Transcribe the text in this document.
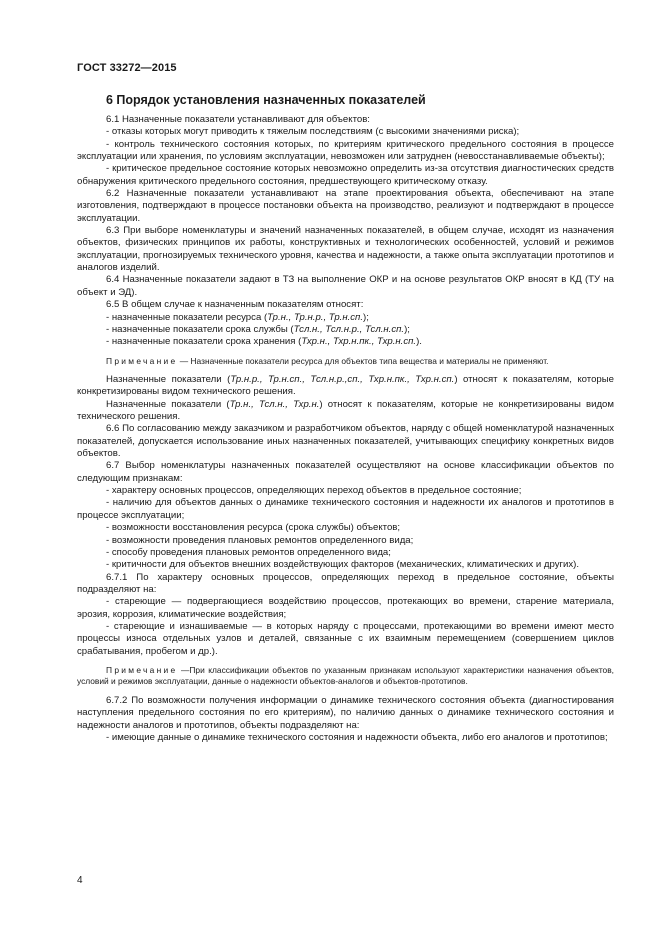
ГОСТ 33272—2015
6 Порядок установления назначенных показателей

6.1 Назначенные показатели устанавливают для объектов:

- отказы которых могут приводить к тяжелым последствиям (с высокими значениями риска);

- контроль технического состояния которых, по критериям критического предельного состояния в процессе эксплуатации или хранения, по условиям эксплуатации, невозможен или затруднен (невосстанавливаемые объекты);

- критическое предельное состояние которых невозможно определить из-за отсутствия диагностических средств обнаружения критического предельного состояния, предшествующего критическому отказу.

6.2 Назначенные показатели устанавливают на этапе проектирования объекта, обеспечивают на этапе изготовления, подтверждают в процессе постановки объекта на производство, реализуют и подтверждают в процессе эксплуатации.

6.3 При выборе номенклатуры и значений назначенных показателей, в общем случае, исходят из назначения объектов, физических принципов их работы, конструктивных и технологических особенностей, условий и режимов эксплуатации, прогнозируемых технического уровня, качества и надежности, а также опыта эксплуатации прототипов и аналогов изделий.

6.4 Назначенные показатели задают в ТЗ на выполнение ОКР и на основе результатов ОКР вносят в КД (ТУ на объект и ЭД).

6.5 В общем случае к назначенным показателям относят:

- назначенные показатели ресурса (Тр.н., Тр.н.р., Тр.н.сп.);

- назначенные показатели срока службы (Тсл.н., Тсл.н.р., Тсл.н.сп.);

- назначенные показатели срока хранения (Тхр.н., Тхр.н.пк., Тхр.н.сп.).

Примечание — Назначенные показатели ресурса для объектов типа вещества и материалы не применяют.

Назначенные показатели (Тр.н.р., Тр.н.сп., Тсл.н.р.,сп., Тхр.н.пк., Тхр.н.сп.) относят к показателям, которые конкретизированы видом технического решения.

Назначенные показатели (Тр.н., Тсл.н., Тхр.н.) относят к показателям, которые не конкретизированы видом технического решения.

6.6 По согласованию между заказчиком и разработчиком объектов, наряду с общей номенклатурой назначенных показателей, допускается использование иных назначенных показателей, учитывающих специфику конкретных видов объектов.

6.7 Выбор номенклатуры назначенных показателей осуществляют на основе классификации объектов по следующим признакам:

- характеру основных процессов, определяющих переход объектов в предельное состояние;

- наличию для объектов данных о динамике технического состояния и надежности их аналогов и прототипов в процессе эксплуатации;

- возможности восстановления ресурса (срока службы) объектов;

- возможности проведения плановых ремонтов определенного вида;

- способу проведения плановых ремонтов определенного вида;

- критичности для объектов внешних воздействующих факторов (механических, климатических и других).

6.7.1 По характеру основных процессов, определяющих переход в предельное состояние, объекты подразделяют на:

- стареющие — подвергающиеся воздействию процессов, протекающих во времени, старение материала, эрозия, коррозия, климатические воздействия;

- стареющие и изнашиваемые — в которых наряду с процессами, протекающими во времени имеют место процессы износа отдельных узлов и деталей, связанные с их взаимным перемещением (совершением циклов срабатывания, пробегом и др.).

Примечание —При классификации объектов по указанным признакам используют характеристики назначения объектов, условий и режимов эксплуатации, данные о надежности объектов-аналогов и объектов-прототипов.

6.7.2 По возможности получения информации о динамике технического состояния объекта (диагностирования наступления предельного состояния по его критериям), по наличию данных о динамике технического состояния и надежности аналогов и прототипов, объекты подразделяют на:

- имеющие данные о динамике технического состояния и надежности объекта, либо его аналогов и прототипов;

4
